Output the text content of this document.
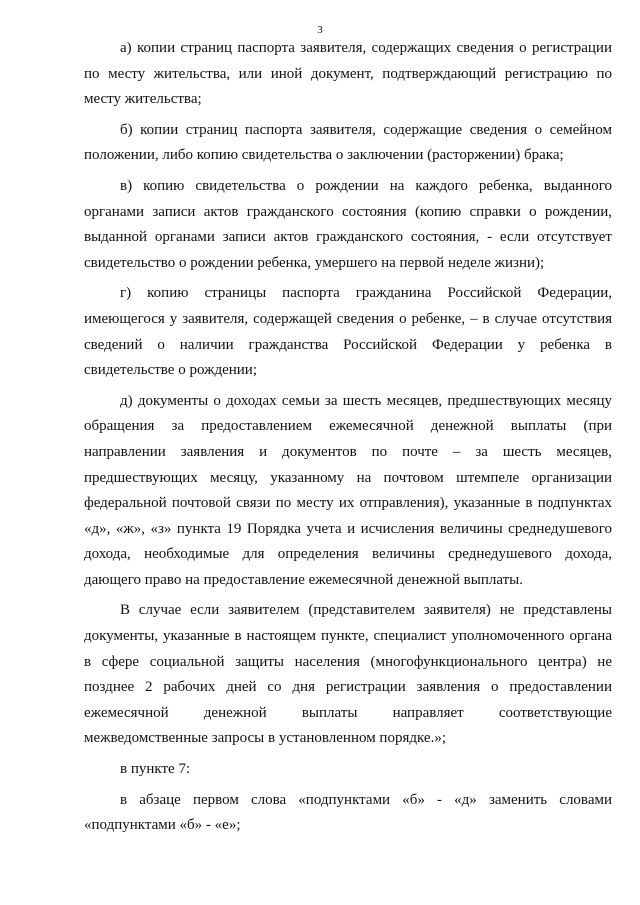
3

а) копии страниц паспорта заявителя, содержащих сведения о регистрации по месту жительства, или иной документ, подтверждающий регистрацию по месту жительства;

б) копии страниц паспорта заявителя, содержащие сведения о семейном положении, либо копию свидетельства о заключении (расторжении) брака;

в) копию свидетельства о рождении на каждого ребенка, выданного органами записи актов гражданского состояния (копию справки о рождении, выданной органами записи актов гражданского состояния, - если отсутствует свидетельство о рождении ребенка, умершего на первой неделе жизни);

г) копию страницы паспорта гражданина Российской Федерации, имеющегося у заявителя, содержащей сведения о ребенке, – в случае отсутствия сведений о наличии гражданства Российской Федерации у ребенка в свидетельстве о рождении;

д) документы о доходах семьи за шесть месяцев, предшествующих месяцу обращения за предоставлением ежемесячной денежной выплаты (при направлении заявления и документов по почте – за шесть месяцев, предшествующих месяцу, указанному на почтовом штемпеле организации федеральной почтовой связи по месту их отправления), указанные в подпунктах «д», «ж», «з» пункта 19 Порядка учета и исчисления величины среднедушевого дохода, необходимые для определения величины среднедушевого дохода, дающего право на предоставление ежемесячной денежной выплаты.

В случае если заявителем (представителем заявителя) не представлены документы, указанные в настоящем пункте, специалист уполномоченного органа в сфере социальной защиты населения (многофункционального центра) не позднее 2 рабочих дней со дня регистрации заявления о предоставлении ежемесячной денежной выплаты направляет соответствующие межведомственные запросы в установленном порядке.»;

в пункте 7:

в абзаце первом слова «подпунктами «б» - «д» заменить словами «подпунктами «б» - «е»;
